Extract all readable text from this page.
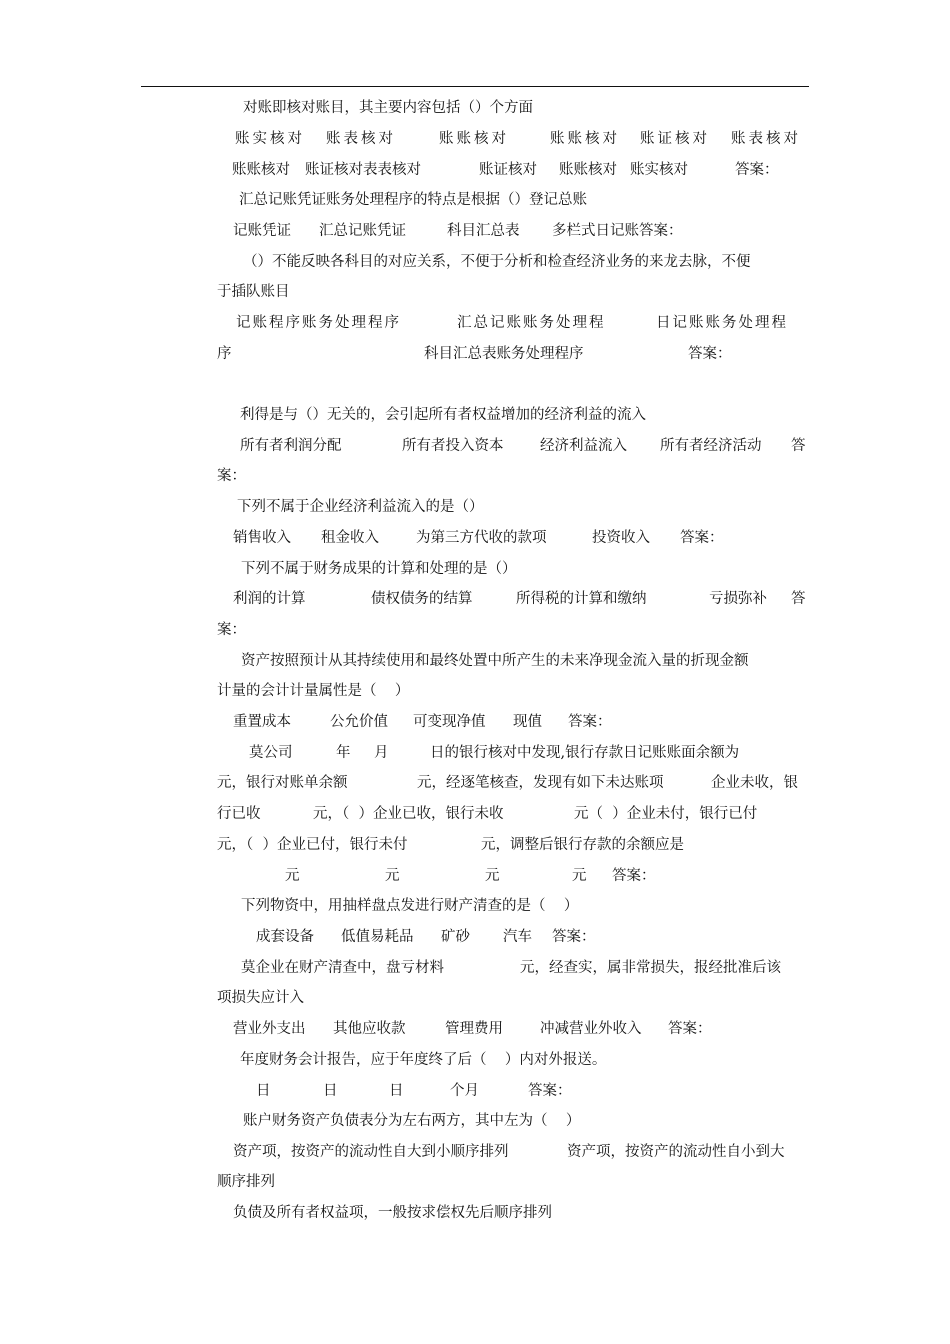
对账即核对账目，其主要内容包括（）个方面

账实核对

账表核对

	账账核对

	账账核对

账证核对

账表核对

账账核对

账证核对表表核对

	账证核对

账账核对

账实核对

	答案：

汇总记账凭证账务处理程序的特点是根据（）登记总账

记账凭证

汇总记账凭证

	科目汇总表

多栏式日记账答案：

（）不能反映各科目的对应关系，不便于分析和检查经济业务的来龙去脉，不便
于插队账目

记账程序账务处理程序

	汇总记账账务处理程

	日记账账务处理程

序

	科目汇总表账务处理程序

	答案：

利得是与（）无关的，会引起所有者权益增加的经济利益的流入

所有者利润分配

	所有者投入资本

	经济利益流入

所有者经济活动

答

案：
下列不属于企业经济利益流入的是（）

销售收入

租金收入

	为第三方代收的款项

	投资收入

答案：

下列不属于财务成果的计算和处理的是（）

利润的计算

	债权债务的结算

	所得税的计算和缴纳

	亏损弥补

答

案：
资产按照预计从其持续使用和最终处置中所产生的未来净现金流入量的折现金额
计量的会计计量属性是（    ）

重置成本

	公允价值

可变现净值

现值

答案：

莫公司

	年

月

	日的银行核对中发现,银行存款日记账账面余额为

元，银行对账单余额

	元，经逐笔核查，发现有如下未达账项

	企业未收，银

行已收

	元，（  ）企业已收，银行未收

	元（  ）企业未付，银行已付

元，（  ）企业已付，银行未付

	元，调整后银行存款的余额应是

元

	元

	元

	元

答案：

下列物资中，用抽样盘点发进行财产清查的是（    ）

成套设备

低值易耗品

矿砂

汽车

答案：

莫企业在财产清查中，盘亏材料

	元，经查实，属非常损失，报经批准后该

项损失应计入

营业外支出

其他应收款

	管理费用

	冲减营业外收入

答案：

年度财务会计报告，应于年度终了后（    ）内对外报送。

日

	日

	日

	个月

	答案：

账户财务资产负债表分为左右两方，其中左为（    ）

资产项，按资产的流动性自大到小顺序排列

	资产项，按资产的流动性自小到大

顺序排列
负债及所有者权益项，一般按求偿权先后顺序排列
